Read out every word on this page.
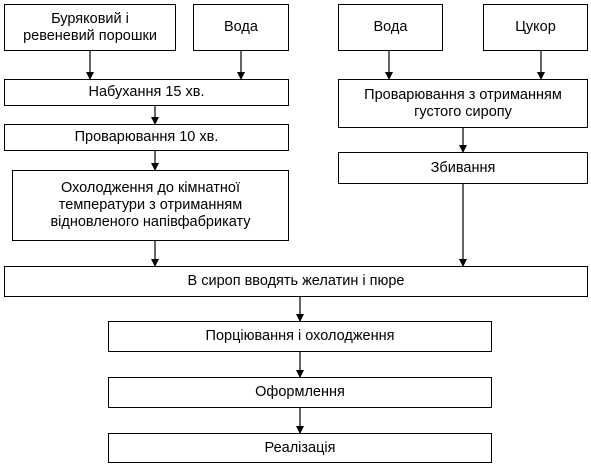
Буряковий і
ревеневий порошки
Вода	Вода	Цукор
Набухання 15 хв.	Проварювання з отриманням
густого сиропу
Проварювання 10 хв.
Збивання
Охолодження до кімнатної
температури з отриманням
відновленого напівфабрикату
В сироп вводять желатин і пюре
Порціювання і охолодження
Оформлення
Реалізація
